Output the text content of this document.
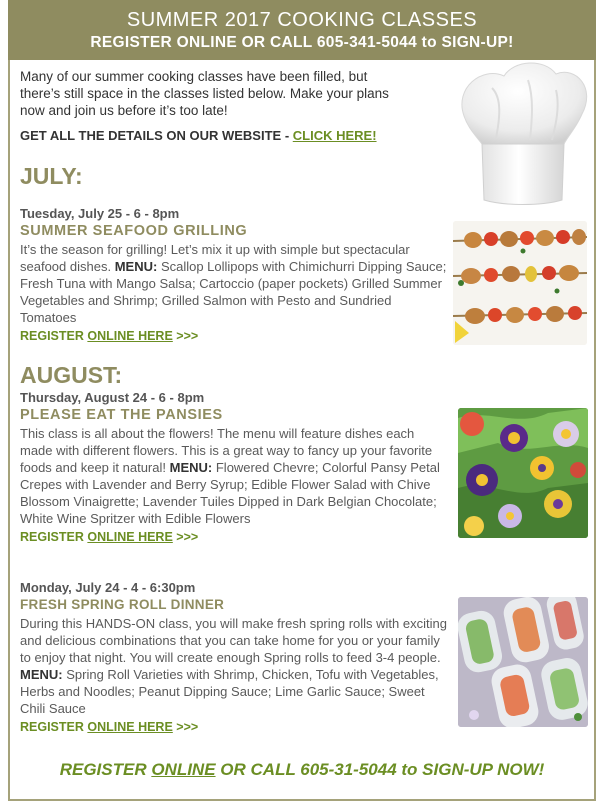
SUMMER 2017 COOKING CLASSES
REGISTER ONLINE OR CALL 605-341-5044 to SIGN-UP!
Many of our summer cooking classes have been filled, but there’s still space in the classes listed below. Make your plans now and join us before it’s too late!
GET ALL THE DETAILS ON OUR WEBSITE - CLICK HERE!
JULY:
Tuesday, July 25 - 6 - 8pm
SUMMER SEAFOOD GRILLING
It’s the season for grilling! Let’s mix it up with simple but spectacular seafood dishes. MENU: Scallop Lollipops with Chimichurri Dipping Sauce; Fresh Tuna with Mango Salsa; Cartoccio (paper pockets) Grilled Summer Vegetables and Shrimp; Grilled Salmon with Pesto and Sundried Tomatoes
REGISTER ONLINE HERE >>>
AUGUST:
Thursday, August 24 - 6 - 8pm
PLEASE EAT THE PANSIES
This class is all about the flowers! The menu will feature dishes each made with different flowers. This is a great way to fancy up your favorite foods and keep it natural! MENU: Flowered Chevre; Colorful Pansy Petal Crepes with Lavender and Berry Syrup; Edible Flower Salad with Chive Blossom Vinaigrette; Lavender Tuiles Dipped in Dark Belgian Chocolate; White Wine Spritzer with Edible Flowers
REGISTER ONLINE HERE >>>
Monday, July 24 - 4 - 6:30pm
FRESH SPRING ROLL DINNER
During this HANDS-ON class, you will make fresh spring rolls with exciting and delicious combinations that you can take home for you or your family to enjoy that night. You will create enough Spring rolls to feed 3-4 people. MENU: Spring Roll Varieties with Shrimp, Chicken, Tofu with Vegetables, Herbs and Noodles; Peanut Dipping Sauce; Lime Garlic Sauce; Sweet Chili Sauce
REGISTER ONLINE HERE >>>
REGISTER ONLINE OR CALL 605-31-5044 to SIGN-UP NOW!
